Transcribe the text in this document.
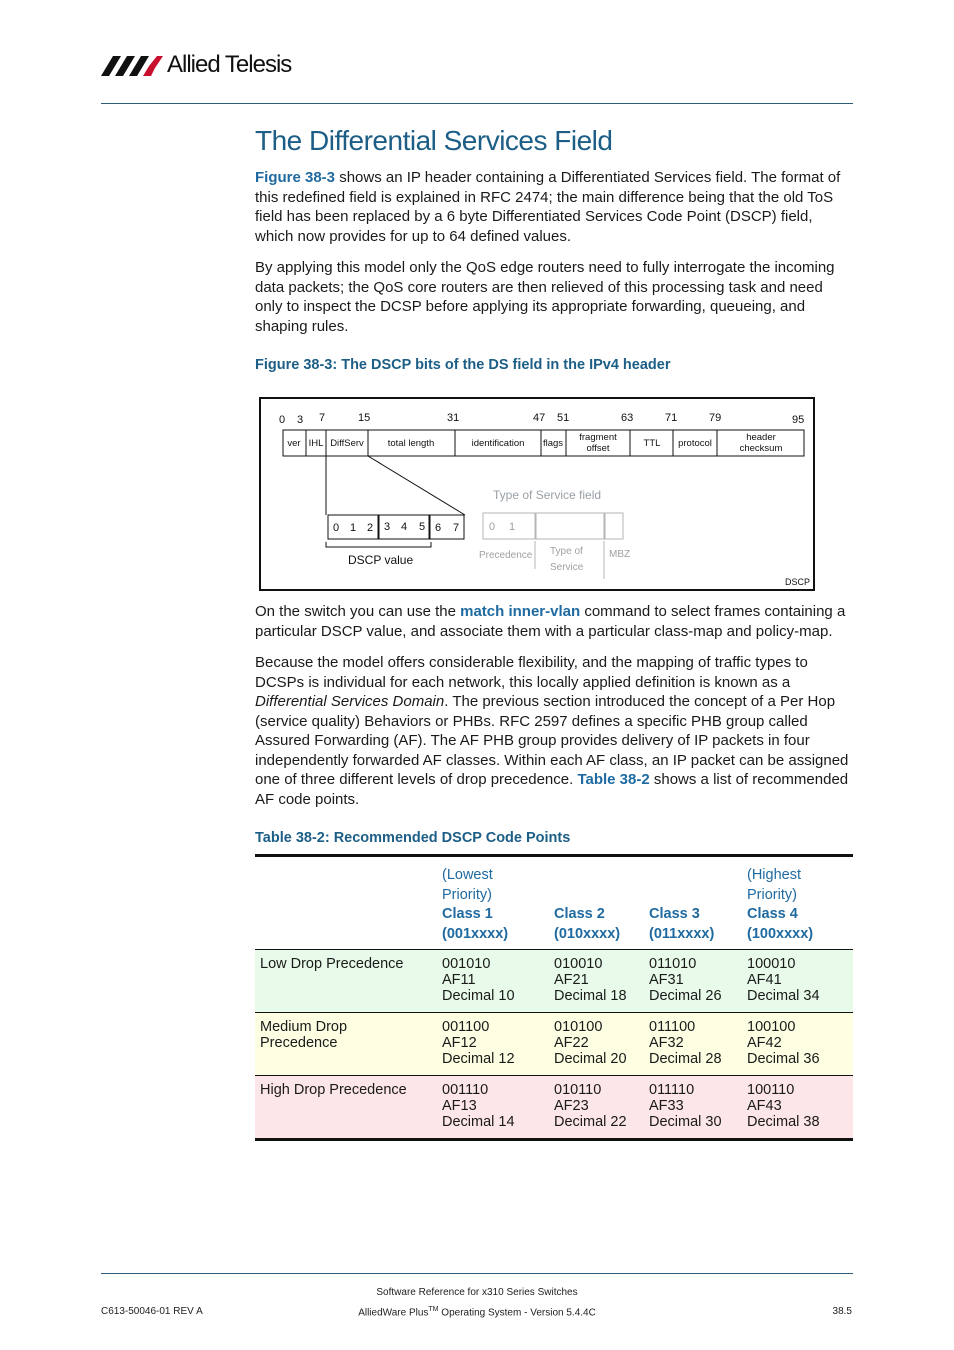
Allied Telesis
The Differential Services Field

Figure 38-3 shows an IP header containing a Differentiated Services field. The format of this redefined field is explained in RFC 2474; the main difference being that the old ToS field has been replaced by a 6 byte Differentiated Services Code Point (DSCP) field, which now provides for up to 64 defined values.

By applying this model only the QoS edge routers need to fully interrogate the incoming data packets; the QoS core routers are then relieved of this processing task and need only to inspect the DCSP before applying its appropriate forwarding, queueing, and shaping rules.

Figure 38-3: The DSCP bits of the DS field in the IPv4 header
0 3 7	15	31	47 51	63	71	79	95
ver IHL DiffServ	total length	identification flags
fragment
offset	TTL protocol
header
checksum
0 1 2 3 4 5 6 7
DSCP value
Type of Service field
0 1
Precedence Type of
Service
MBZ
DSCP

On the switch you can use the match inner-vlan command to select frames containing a particular DSCP value, and associate them with a particular class-map and policy-map.

Because the model offers considerable flexibility, and the mapping of traffic types to DCSPs is individual for each network, this locally applied definition is known as a Differential Services Domain. The previous section introduced the concept of a Per Hop (service quality) Behaviors or PHBs. RFC 2597 defines a specific PHB group called Assured Forwarding (AF). The AF PHB group provides delivery of IP packets in four independently forwarded AF classes. Within each AF class, an IP packet can be assigned one of three different levels of drop precedence. Table 38-2 shows a list of recommended AF code points.

Table 38-2: Recommended DSCP Code Points
	(Lowest
Priority)
Class 1
(001xxxx)	Class 2
(010xxxx)	Class 3
(011xxxx)	(Highest
Priority)
Class 4
(100xxxx)
Low Drop Precedence	001010
AF11
Decimal 10	010010
AF21
Decimal 18	011010
AF31
Decimal 26	100010
AF41
Decimal 34
Medium Drop Precedence	001100
AF12
Decimal 12	010100
AF22
Decimal 20	011100
AF32
Decimal 28	100100
AF42
Decimal 36
High Drop Precedence	001110
AF13
Decimal 14	010110
AF23
Decimal 22	011110
AF33
Decimal 30	100110
AF43
Decimal 38
Software Reference for x310 Series Switches
C613-50046-01 REV A	AlliedWare Plus™ Operating System - Version 5.4.4C	38.5
